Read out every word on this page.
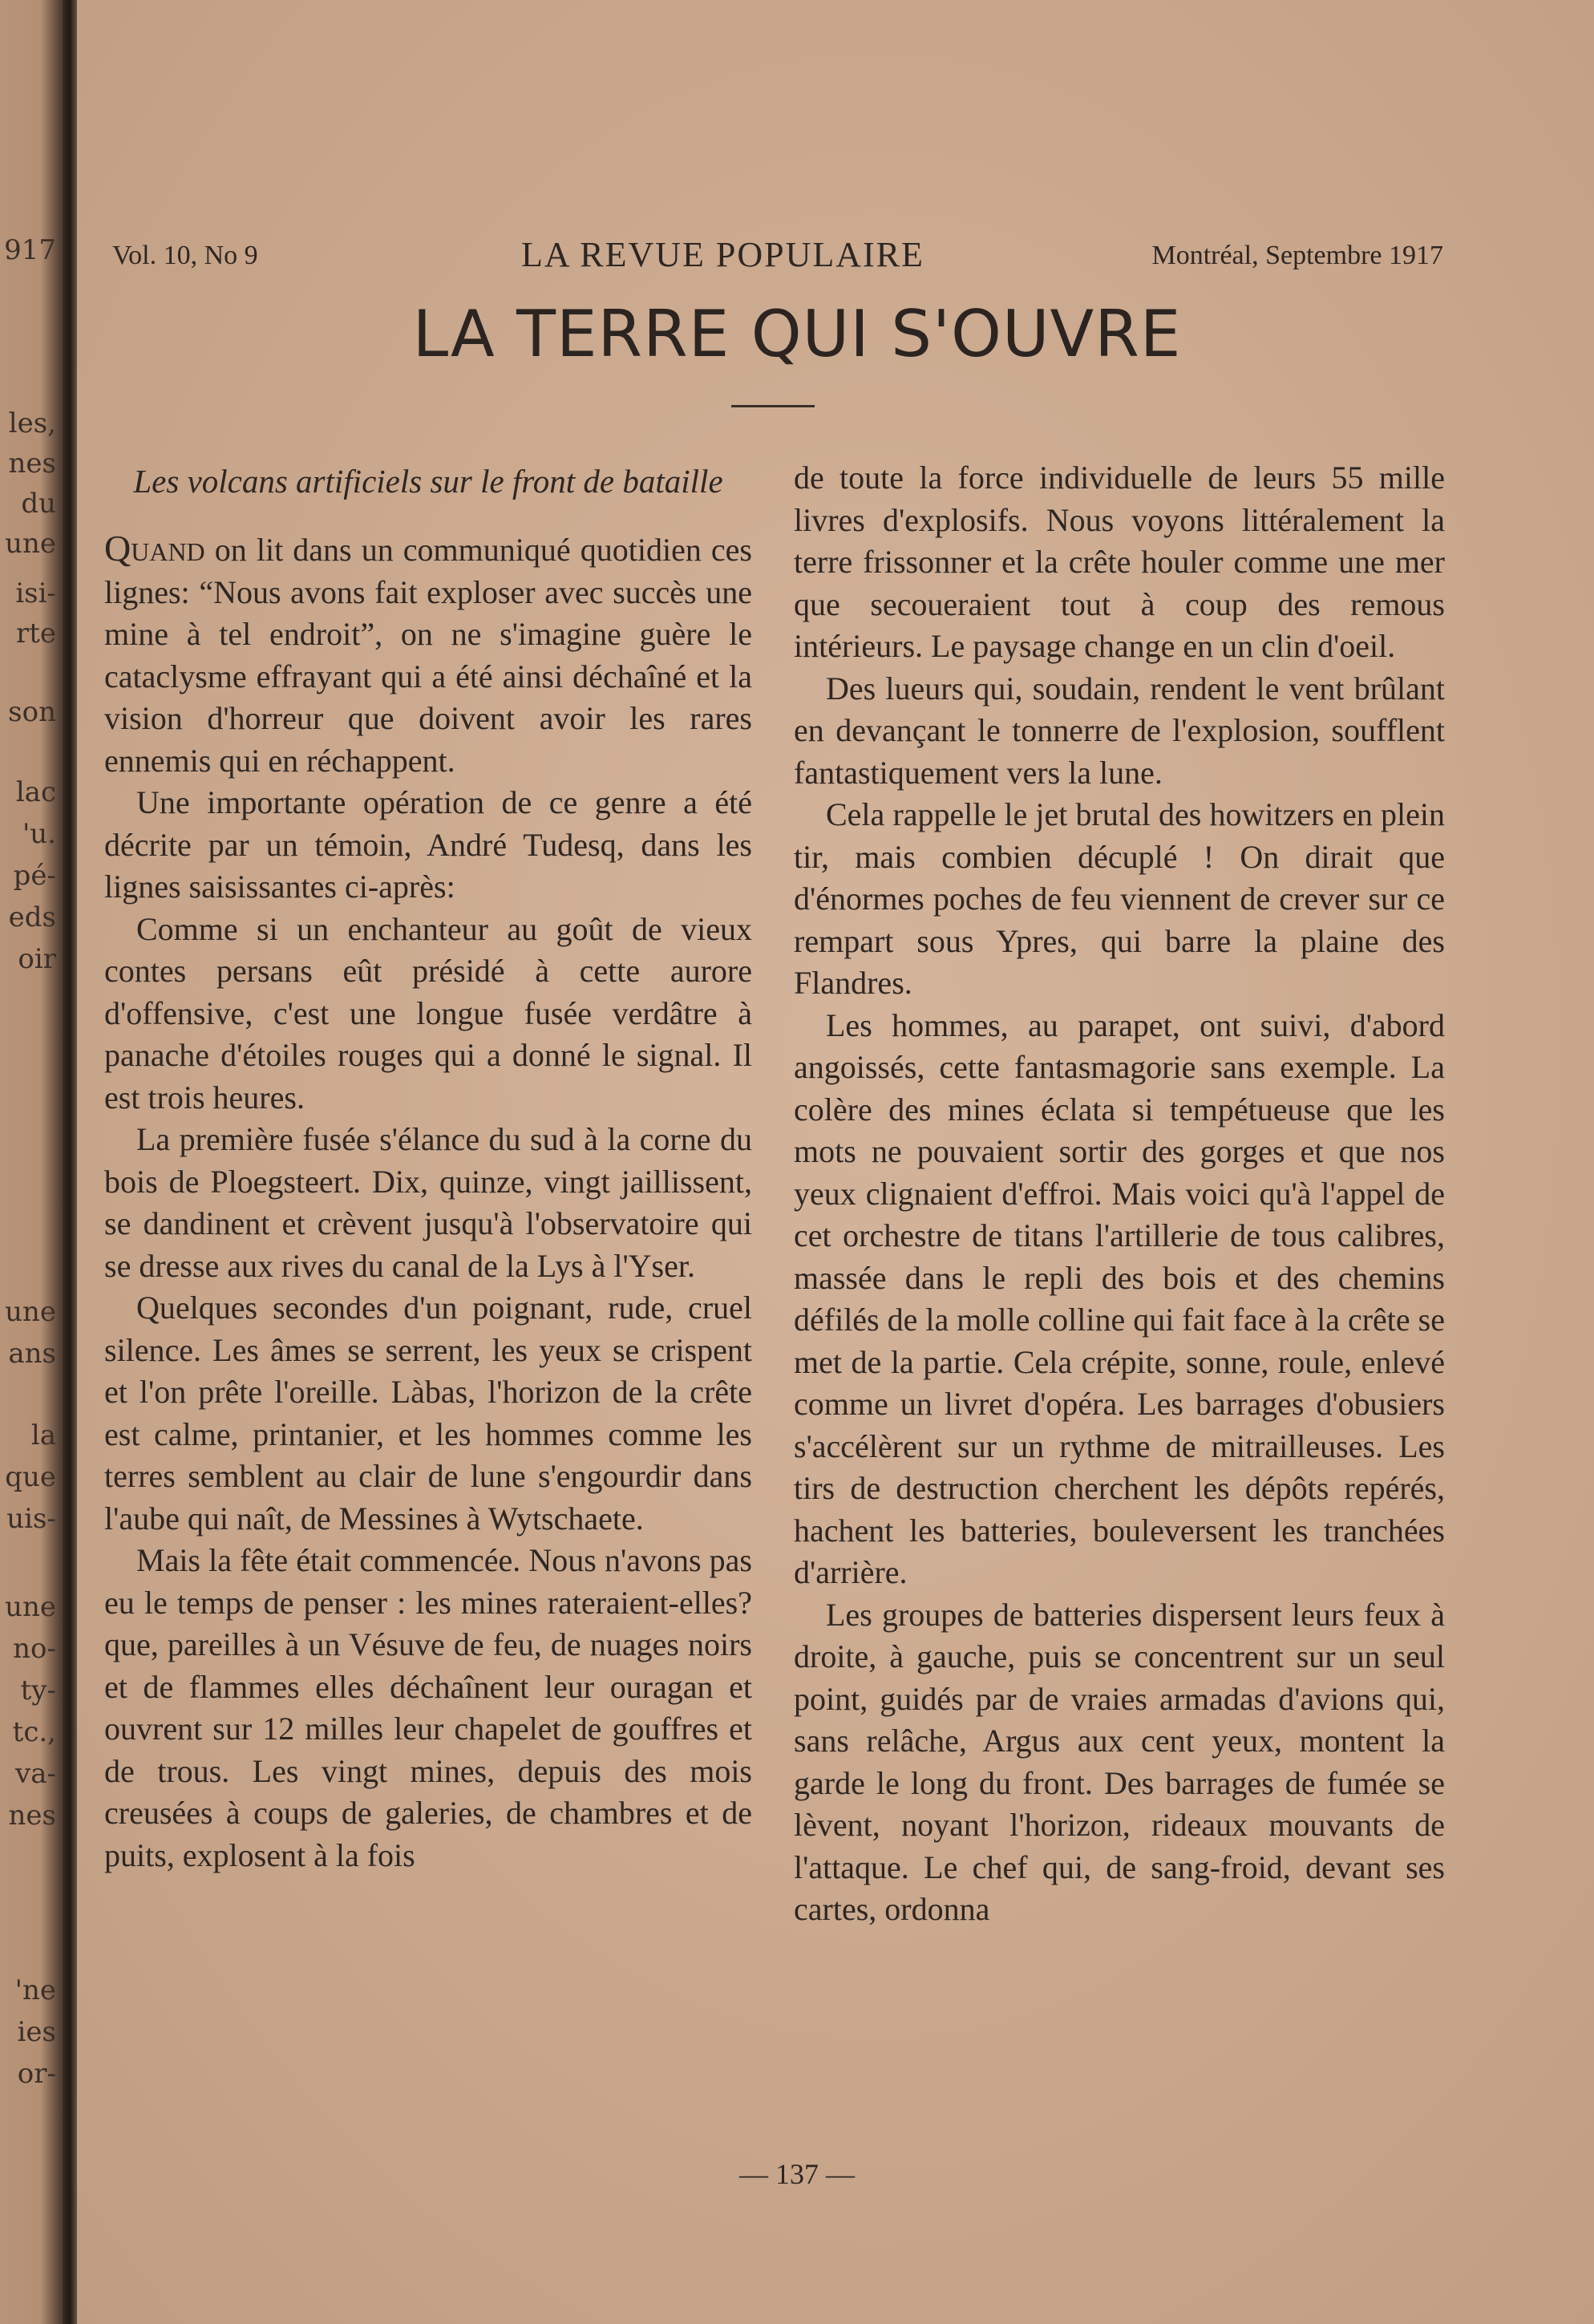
917
les,
nes
du
une
isi-
rte
son
lac
'u.
pé-
eds
oir
une
ans
la
que
uis-
une
no-
ty-
tc.,
va-
nes
'ne
ies
or-
Vol. 10, No 9	LA REVUE POPULAIRE	Montréal, Septembre 1917
LA TERRE QUI S'OUVRE
Les volcans artificiels sur le front de bataille

Quand on lit dans un communiqué quotidien ces lignes: “Nous avons fait exploser avec succès une mine à tel endroit”, on ne s'imagine guère le cataclysme effrayant qui a été ainsi déchaîné et la vision d'horreur que doivent avoir les rares ennemis qui en réchappent.

Une importante opération de ce genre a été décrite par un témoin, André Tudesq, dans les lignes saisissantes ci-après:

Comme si un enchanteur au goût de vieux contes persans eût présidé à cette aurore d'offensive, c'est une longue fusée verdâtre à panache d'étoiles rouges qui a donné le signal. Il est trois heures.

La première fusée s'élance du sud à la corne du bois de Ploegsteert. Dix, quinze, vingt jaillissent, se dandinent et crèvent jusqu'à l'observatoire qui se dresse aux rives du canal de la Lys à l'Yser.

Quelques secondes d'un poignant, rude, cruel silence. Les âmes se serrent, les yeux se crispent et l'on prête l'oreille. Làbas, l'horizon de la crête est calme, printanier, et les hommes comme les terres semblent au clair de lune s'engourdir dans l'aube qui naît, de Messines à Wytschaete.

Mais la fête était commencée. Nous n'avons pas eu le temps de penser : les mines rateraient-elles? que, pareilles à un Vésuve de feu, de nuages noirs et de flammes elles déchaînent leur ouragan et ouvrent sur 12 milles leur chapelet de gouffres et de trous. Les vingt mines, depuis des mois creusées à coups de galeries, de chambres et de puits, explosent à la fois

de toute la force individuelle de leurs 55 mille livres d'explosifs. Nous voyons littéralement la terre frissonner et la crête houler comme une mer que secoueraient tout à coup des remous intérieurs. Le paysage change en un clin d'oeil.

Des lueurs qui, soudain, rendent le vent brûlant en devançant le tonnerre de l'explosion, soufflent fantastiquement vers la lune.

Cela rappelle le jet brutal des howitzers en plein tir, mais combien décuplé ! On dirait que d'énormes poches de feu viennent de crever sur ce rempart sous Ypres, qui barre la plaine des Flandres.

Les hommes, au parapet, ont suivi, d'abord angoissés, cette fantasmagorie sans exemple. La colère des mines éclata si tempétueuse que les mots ne pouvaient sortir des gorges et que nos yeux clignaient d'effroi. Mais voici qu'à l'appel de cet orchestre de titans l'artillerie de tous calibres, massée dans le repli des bois et des chemins défilés de la molle colline qui fait face à la crête se met de la partie. Cela crépite, sonne, roule, enlevé comme un livret d'opéra. Les barrages d'obusiers s'accélèrent sur un rythme de mitrailleuses. Les tirs de destruction cherchent les dépôts repérés, hachent les batteries, bouleversent les tranchées d'arrière.

Les groupes de batteries dispersent leurs feux à droite, à gauche, puis se concentrent sur un seul point, guidés par de vraies armadas d'avions qui, sans relâche, Argus aux cent yeux, montent la garde le long du front. Des barrages de fumée se lèvent, noyant l'horizon, rideaux mouvants de l'attaque. Le chef qui, de sang-froid, devant ses cartes, ordonna

— 137 —
